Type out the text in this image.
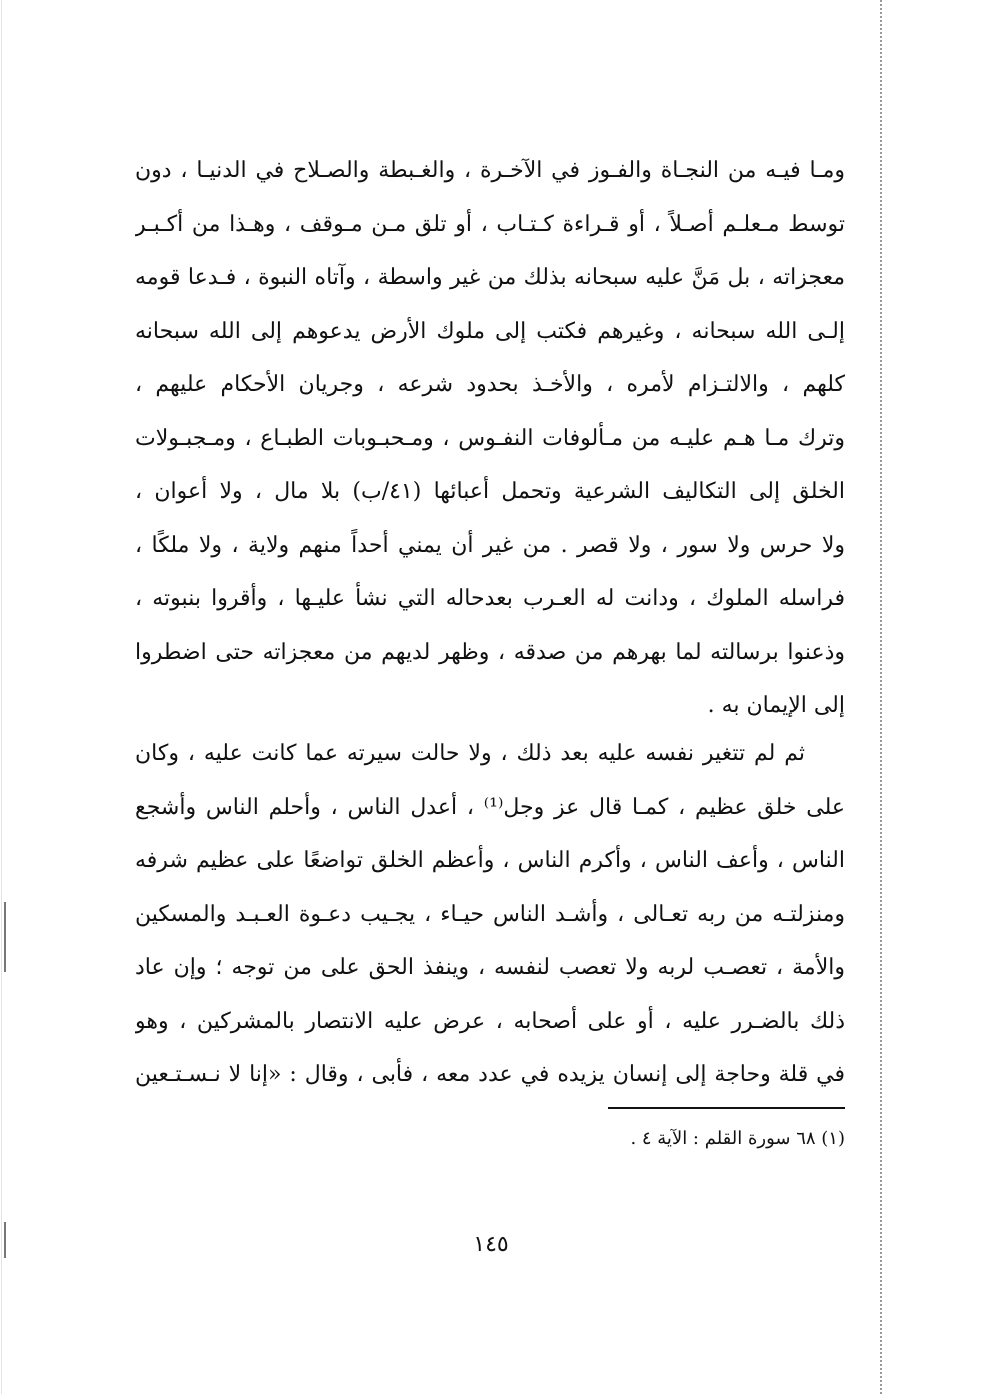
ومـا فيـه من النجـاة والفـوز في الآخـرة ، والغـبطة والصـلاح في الدنيـا ، دون
توسط مـعلـم أصـلاً ، أو قـراءة كـتـاب ، أو تلق مـن مـوقف ، وهـذا من أكـبـر
معجزاته ، بل مَنَّ عليه سبحانه بذلك من غير واسطة ، وآتاه النبوة ، فـدعا قومه
إلـى الله سبحانه ، وغيرهم فكتب إلى ملوك الأرض يدعوهم إلى الله سبحانه
كلهم ، والالتـزام لأمره ، والأخـذ بحدود شرعه ، وجريان الأحكام عليهم ،
وترك مـا هـم عليـه من مـألوفات النفـوس ، ومـحبـوبات الطبـاع ، ومـجبـولات
الخلق إلى التكاليف الشرعية وتحمل أعبائها (٤١/ب) بلا مال ، ولا أعوان ،
ولا حرس ولا سور ، ولا قصر . من غير أن يمني أحداً منهم ولاية ، ولا ملكًا ،
فراسله الملوك ، ودانت له العـرب بعدحاله التي نشأ عليـها ، وأقروا بنبوته ،
وذعنوا برسالته لما بهرهم من صدقه ، وظهر لديهم من معجزاته حتى اضطروا
إلى الإيمان به .
ثم لم تتغير نفسه عليه بعد ذلك ، ولا حالت سيرته عما كانت عليه ، وكان
على خلق عظيم ، كمـا قال عز وجل⁽¹⁾ ، أعدل الناس ، وأحلم الناس وأشجع
الناس ، وأعف الناس ، وأكرم الناس ، وأعظم الخلق تواضعًا على عظيم شرفه
ومنزلتـه من ربه تعـالى ، وأشـد الناس حيـاء ، يجـيب دعـوة العـبـد والمسكين
والأمة ، تعصـب لربه ولا تعصب لنفسه ، وينفذ الحق على من توجه ؛ وإن عاد
ذلك بالضـرر عليه ، أو على أصحابه ، عرض عليه الانتصار بالمشركين ، وهو
في قلة وحاجة إلى إنسان يزيده في عدد معه ، فأبى ، وقال : «إنا لا نـسـتـعين
(١) ٦٨ سورة القلم : الآية ٤ .
١٤٥
